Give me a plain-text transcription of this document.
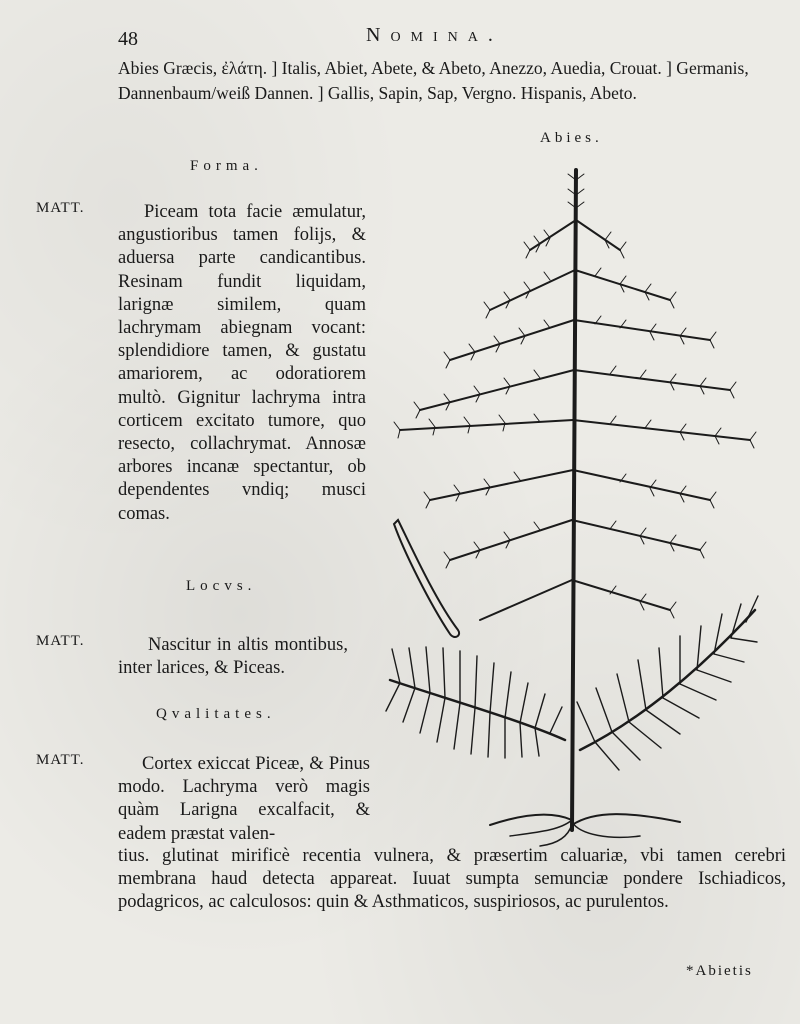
48	Nomina.
Abies Græcis, ἐλάτη. ] Italis, Abiet, Abete, & Abeto, Anezzo, Auedia, Crouat. ] Germanis, Dannenbaum/weiß Dannen. ] Gallis, Sapin, Sap, Vergno. Hispanis, Abeto.
Abies.
Forma.
MATT.	Piceam tota facie æmulatur, angustioribus tamen folijs, & aduersa parte candicantibus. Resinam fundit liquidam, larignæ similem, quam lachrymam abiegnam vocant: splendidiore tamen, & gustatu amariorem, ac odoratiorem multò. Gignitur lachryma intra corticem excitato tumore, quo resecto, collachrymat. Annosæ arbores incanæ spectantur, ob dependentes vndiq; musci comas.
Locvs.
MATT.	Nascitur in altis montibus, inter larices, & Piceas.
Qvalitates.
MATT.	Cortex exiccat Piceæ, & Pinus modo. Lachryma verò magis quàm Larigna excalfacit, & eadem præstat valen-
tius. glutinat mirificè recentia vulnera, & præsertim caluariæ, vbi tamen cerebri membrana haud detecta appareat. Iuuat sumpta semunciæ pondere Ischiadicos, podagricos, ac calculosos: quin & Asthmaticos, suspiriosos, ac purulentos.
*Abietis
